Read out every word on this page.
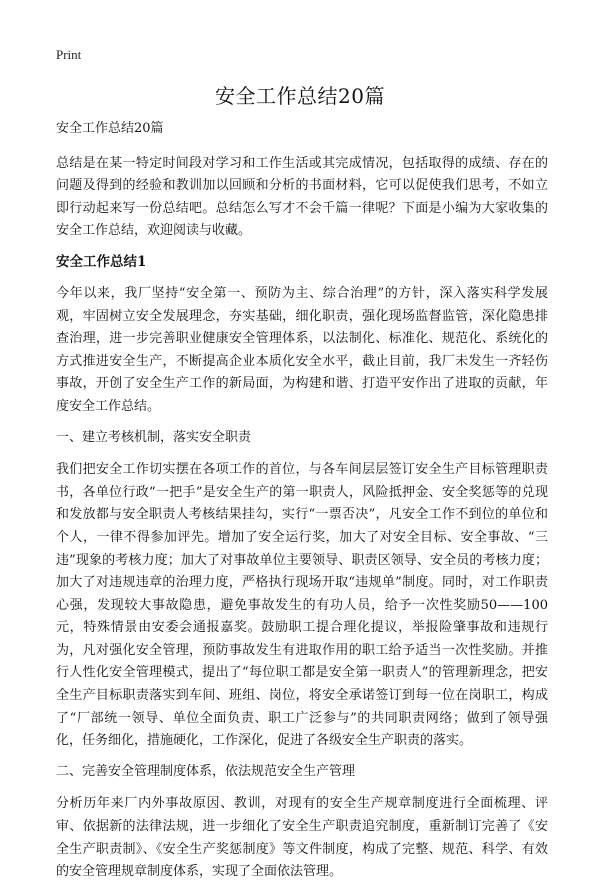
Print
安全工作总结20篇

安全工作总结20篇

总结是在某一特定时间段对学习和工作生活或其完成情况，包括取得的成绩、存在的问题及得到的经验和教训加以回顾和分析的书面材料，它可以促使我们思考，不如立即行动起来写一份总结吧。总结怎么写才不会千篇一律呢？下面是小编为大家收集的安全工作总结，欢迎阅读与收藏。

安全工作总结1

今年以来，我厂坚持“安全第一、预防为主、综合治理”的方针，深入落实科学发展观，牢固树立安全发展理念，夯实基础，细化职责，强化现场监督监管，深化隐患排查治理，进一步完善职业健康安全管理体系，以法制化、标准化、规范化、系统化的方式推进安全生产，不断提高企业本质化安全水平，截止目前，我厂未发生一齐轻伤事故，开创了安全生产工作的新局面，为构建和谐、打造平安作出了进取的贡献，年度安全工作总结。

一、建立考核机制，落实安全职责

我们把安全工作切实摆在各项工作的首位，与各车间层层签订安全生产目标管理职责书，各单位行政“一把手”是安全生产的第一职责人，风险抵押金、安全奖惩等的兑现和发放都与安全职责人考核结果挂勾，实行“一票否决”，凡安全工作不到位的单位和个人，一律不得参加评先。增加了安全运行奖，加大了对安全目标、安全事故、“三违”现象的考核力度；加大了对事故单位主要领导、职责区领导、安全员的考核力度；加大了对违规违章的治理力度，严格执行现场开取“违规单”制度。同时，对工作职责心强，发现较大事故隐患，避免事故发生的有功人员，给予一次性奖励50——100元，特殊情景由安委会通报嘉奖。鼓励职工提合理化提议，举报险肇事故和违规行为，凡对强化安全管理，预防事故发生有进取作用的职工给予适当一次性奖励。并推行人性化安全管理模式，提出了“每位职工都是安全第一职责人”的管理新理念，把安全生产目标职责落实到车间、班组、岗位，将安全承诺签订到每一位在岗职工，构成了“厂部统一领导、单位全面负责、职工广泛参与”的共同职责网络；做到了领导强化，任务细化，措施硬化，工作深化，促进了各级安全生产职责的落实。

二、完善安全管理制度体系，依法规范安全生产管理

分析历年来厂内外事故原因、教训，对现有的安全生产规章制度进行全面梳理、评审、依据新的法律法规，进一步细化了安全生产职责追究制度，重新制订完善了《安全生产职责制》、《安全生产奖惩制度》等文件制度，构成了完整、规范、科学、有效的安全管理规章制度体系，实现了全面依法管理。
